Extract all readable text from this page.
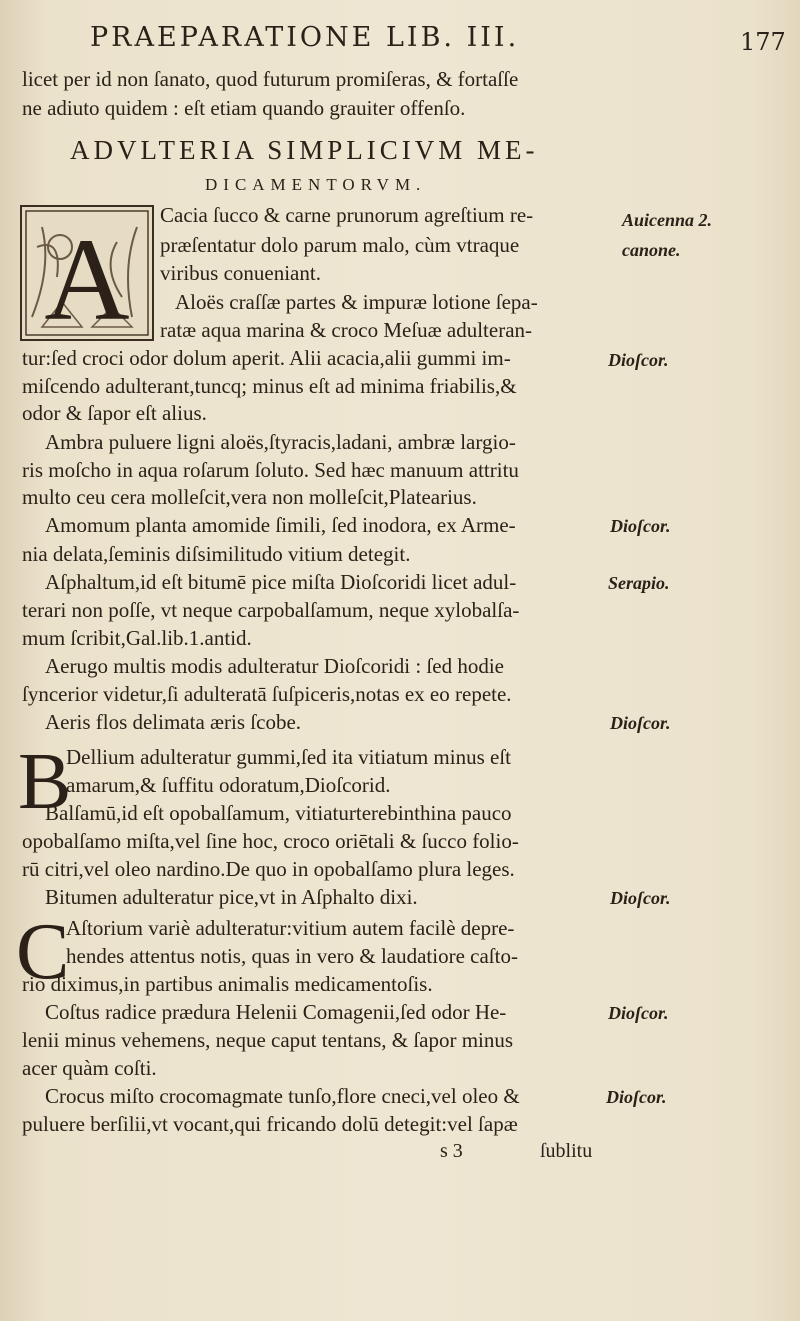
PRAEPARATIONE LIB. III.	177
licet per id non ſanato, quod futurum promiſeras, & fortaſſe
ne adiuto quidem : eſt etiam quando grauiter offenſo.
ADVLTERIA SIMPLICIVM ME-
DICAMENTORVM.
A Cacia ſucco & carne prunorum agreſtium re-
præſentatur dolo parum malo, cùm vtraque
viribus conueniant.
Aloës craſſæ partes & impuræ lotione ſepa-
ratæ aqua marina & croco Meſuæ adulteran-
tur:ſed croci odor dolum aperit. Alii acacia,alii gummi im-
miſcendo adulterant,tuncq; minus eſt ad minima friabilis,&
odor & ſapor eſt alius.
Ambra puluere ligni aloës,ſtyracis,ladani, ambræ largio-
ris moſcho in aqua roſarum ſoluto. Sed hæc manuum attritu
multo ceu cera molleſcit,vera non molleſcit,Platearius.
Amomum planta amomide ſimili, ſed inodora, ex Arme-
nia delata,ſeminis diſsimilitudo vitium detegit.
Aſphaltum,id eſt bitumē pice miſta Dioſcoridi licet adul-
terari non poſſe, vt neque carpobalſamum, neque xylobalſa-
mum ſcribit,Gal.lib.1.antid.
Aerugo multis modis adulteratur Dioſcoridi : ſed hodie
ſyncerior videtur,ſi adulteratā ſuſpiceris,notas ex eo repete.
Aeris flos delimata æris ſcobe.
B
Dellium adulteratur gummi,ſed ita vitiatum minus eſt
amarum,& ſuffitu odoratum,Dioſcorid.
Balſamū,id eſt opobalſamum, vitiaturterebinthina pauco
opobalſamo miſta,vel ſine hoc, croco oriētali & ſucco folio-
rū citri,vel oleo nardino.De quo in opobalſamo plura leges.
Bitumen adulteratur pice,vt in Aſphalto dixi.
C
Aſtorium variè adulteratur:vitium autem facilè depre-
hendes attentus notis, quas in vero & laudatiore caſto-
rio diximus,in partibus animalis medicamentoſis.
Coſtus radice prædura Helenii Comagenii,ſed odor He-
lenii minus vehemens, neque caput tentans, & ſapor minus
acer quàm coſti.
Crocus miſto crocomagmate tunſo,flore cneci,vel oleo &
puluere berſilii,vt vocant,qui fricando dolū detegit:vel ſapæ
Auicenna 2.
canone.
Dioſcor.
Dioſcor.
Serapio.
Dioſcor.
Dioſcor.
Dioſcor.
Dioſcor.
s 3	ſublitu
